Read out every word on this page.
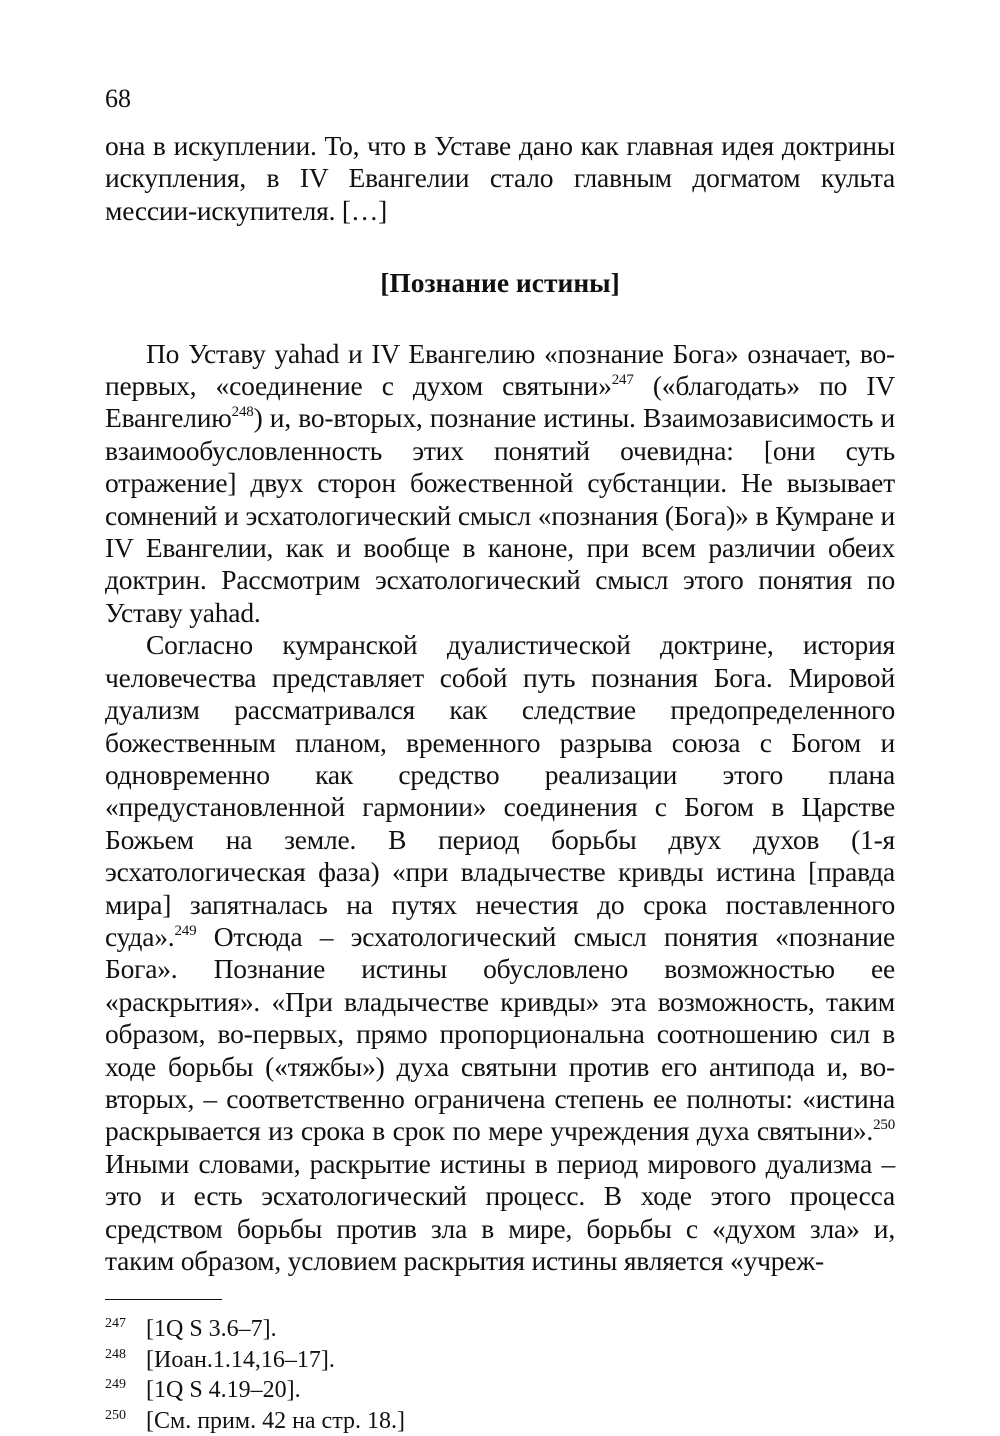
68

она в искуплении. То, что в Уставе дано как главная идея доктрины искупления, в IV Евангелии стало главным догматом культа мессии-искупителя. […]

[Познание истины]

По Уставу yahad и IV Евангелию «познание Бога» означает, во-первых, «соединение с духом святыни»$^{247}$ («благодать» по IV Евангелию$^{248}$) и, во-вторых, познание истины. Взаимозависимость и взаимообусловленность этих понятий очевидна: [они суть отражение] двух сторон божественной субстанции. Не вызывает сомнений и эсхатологический смысл «познания (Бога)» в Кумране и IV Евангелии, как и вообще в каноне, при всем различии обеих доктрин. Рассмотрим эсхатологический смысл этого понятия по Уставу yahad.

Согласно кумранской дуалистической доктрине, история человечества представляет собой путь познания Бога. Мировой дуализм рассматривался как следствие предопределенного божественным планом, временного разрыва союза с Богом и одновременно как средство реализации этого плана «предустановленной гармонии» соединения с Богом в Царстве Божьем на земле. В период борьбы двух духов (1-я эсхатологическая фаза) «при владычестве кривды истина [правда мира] запятналась на путях нечестия до срока поставленного суда».$^{249}$ Отсюда – эсхатологический смысл понятия «познание Бога». Познание истины обусловлено возможностью ее «раскрытия». «При владычестве кривды» эта возможность, таким образом, во-первых, прямо пропорциональна соотношению сил в ходе борьбы («тяжбы») духа святыни против его антипода и, во-вторых, – соответственно ограничена степень ее полноты: «истина раскрывается из срока в срок по мере учреждения духа святыни».$^{250}$ Иными словами, раскрытие истины в период мирового дуализма – это и есть эсхатологический процесс. В ходе этого процесса средством борьбы против зла в мире, борьбы с «духом зла» и, таким образом, условием раскрытия истины является «учреж-

247 [1Q S 3.6–7].

248 [Иоан.1.14,16–17].

249 [1Q S 4.19–20].

250 [См. прим. 42 на стр. 18.]
